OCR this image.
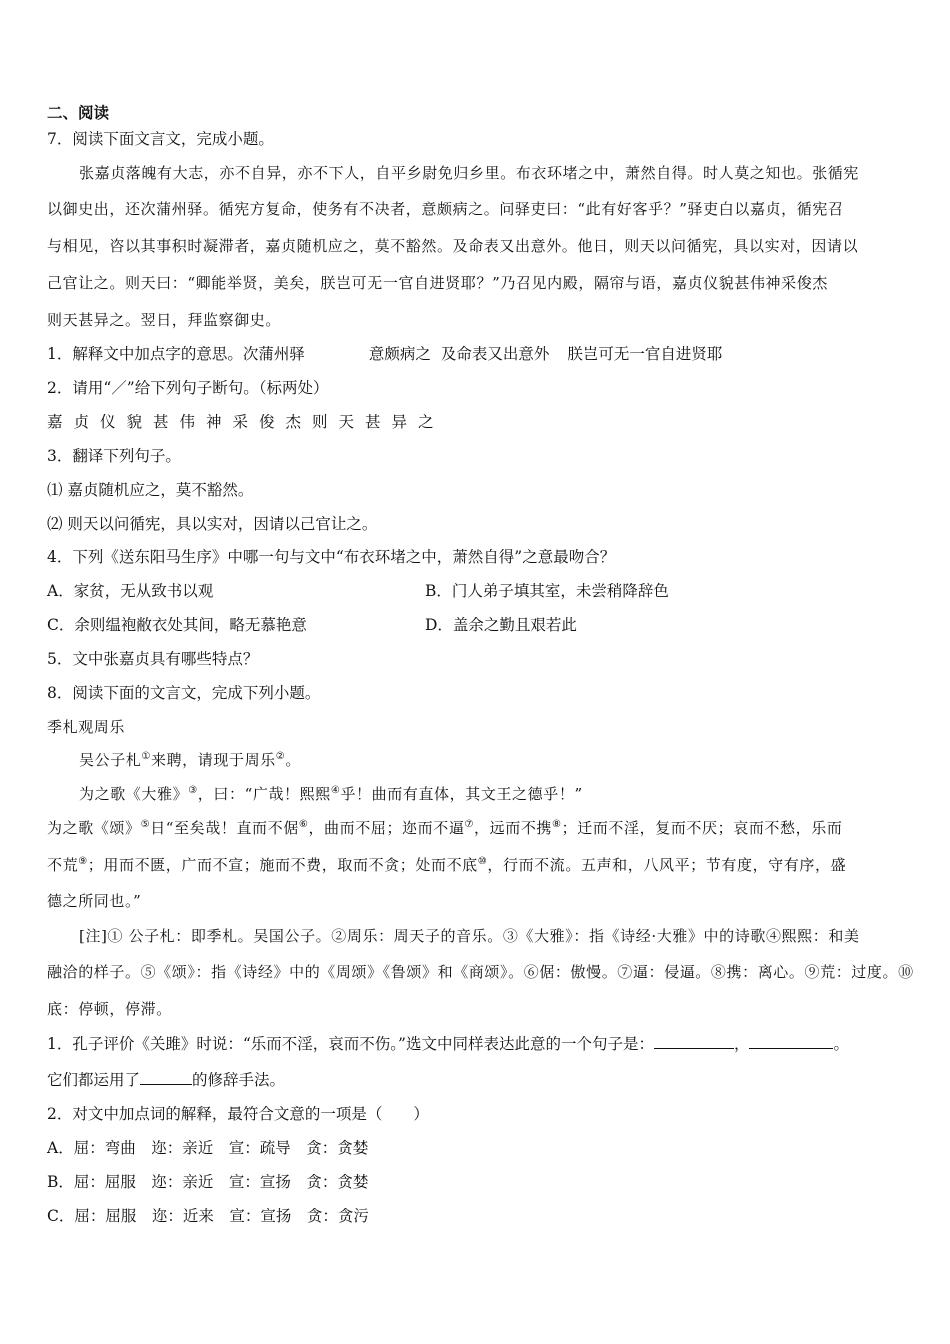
二、阅读
7．阅读下面文言文，完成小题。
张嘉贞落魄有大志，亦不自异，亦不下人，自平乡尉免归乡里。布衣环堵之中，萧然自得。时人莫之知也。张循宪
以御史出，还次蒲州驿。循宪方复命，使务有不决者，意颇病之。问驿吏曰：“此有好客乎？”驿吏白以嘉贞，循宪召
与相见，咨以其事积时凝滞者，嘉贞随机应之，莫不豁然。及命表又出意外。他日，则天以问循宪，具以实对，因请以
己官让之。则天曰：“卿能举贤，美矣，朕岂可无一官自进贤耶？”乃召见内殿，隔帘与语，嘉贞仪貌甚伟神采俊杰
则天甚异之。翌日，拜监察御史。
1．解释文中加点字的意思。次蒲州驿	意颇病之 及命表又出意外 朕岂可无一官自进贤耶
2．请用“／”给下列句子断句。（标两处）
嘉贞仪貌甚伟神采俊杰则天甚异之
3．翻译下列句子。
⑴ 嘉贞随机应之，莫不豁然。
⑵ 则天以问循宪，具以实对，因请以己官让之。
4．下列《送东阳马生序》中哪一句与文中“布衣环堵之中，萧然自得”之意最吻合？
A．家贫，无从致书以观	B．门人弟子填其室，未尝稍降辞色
C．余则缊袍敝衣处其间，略无慕艳意	D．盖余之勤且艰若此
5．文中张嘉贞具有哪些特点？
8．阅读下面的文言文，完成下列小题。
季札观周乐
吴公子札①来聘，请现于周乐②。
为之歌《大雅》③，曰：“广哉！熙熙④乎！曲而有直体，其文王之德乎！”
为之歌《颂》⑤日“至矣哉！直而不倨⑥，曲而不屈；迩而不逼⑦，远而不携⑧；迁而不淫，复而不厌；哀而不愁，乐而
不荒⑨；用而不匮，广而不宣；施而不费，取而不贪；处而不底⑩，行而不流。五声和，八风平；节有度，守有序，盛
德之所同也。”
[注]① 公子札：即季札。吴国公子。②周乐：周天子的音乐。③《大雅》：指《诗经·大雅》中的诗歌④熙熙：和美
融洽的样子。⑤《颂》：指《诗经》中的《周颂》《鲁颂》和《商颂》。⑥倨：傲慢。⑦逼：侵逼。⑧携：离心。⑨荒：过度。⑩
底：停顿，停滞。
1．孔子评价《关雎》时说：“乐而不淫，哀而不伤。”选文中同样表达此意的一个句子是：	，	。
它们都运用了	的修辞手法。
2．对文中加点词的解释，最符合文意的一项是（　　）
A．屈：弯曲　迩：亲近　宣：疏导　贪：贪婪
B．屈：屈服　迩：亲近　宣：宣扬　贪：贪婪
C．屈：屈服　迩：近来　宣：宣扬　贪：贪污
